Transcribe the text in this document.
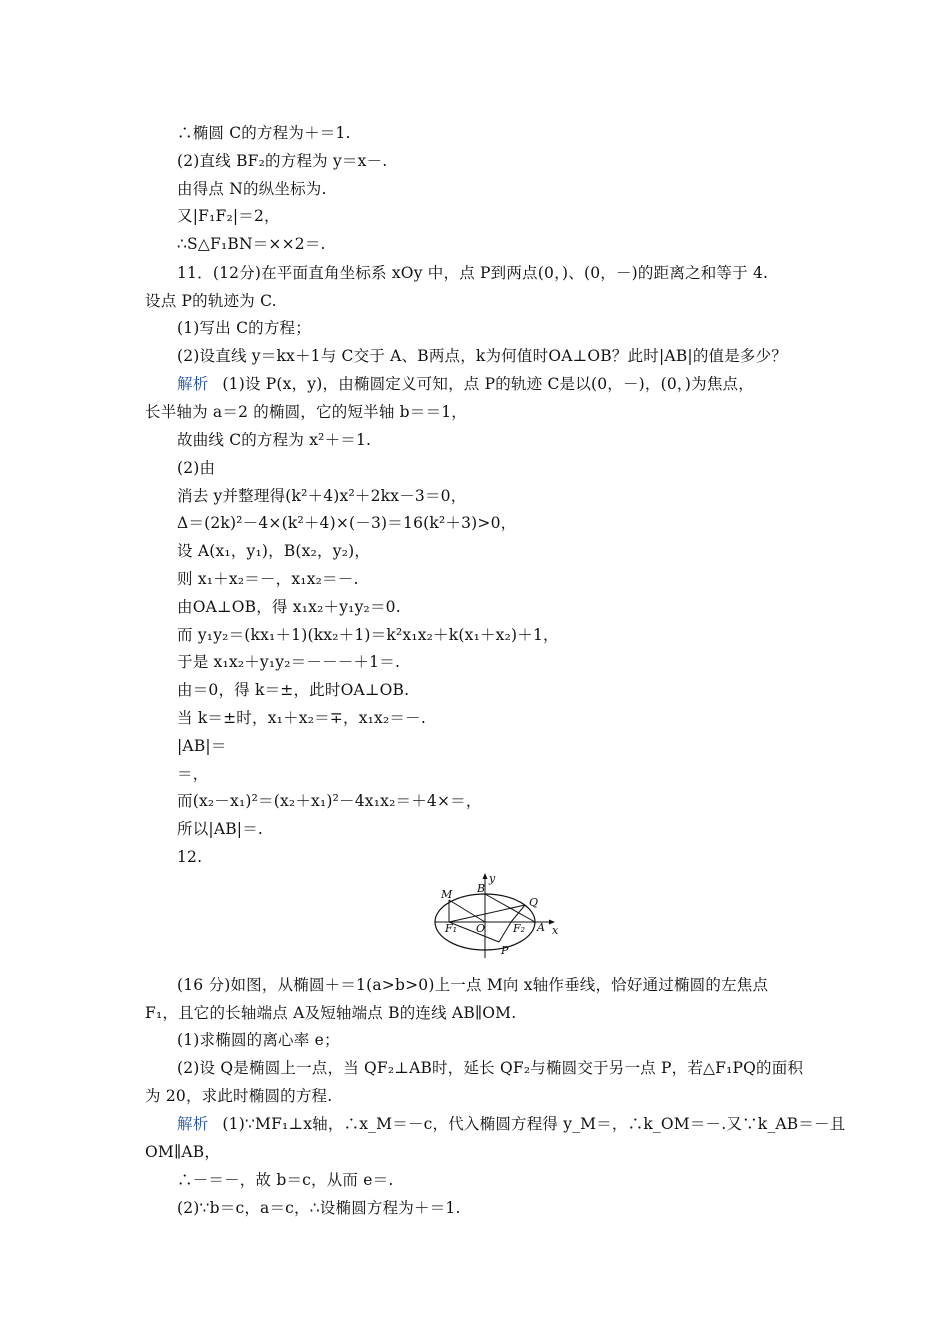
∴椭圆 C的方程为＋＝1.
(2)直线 BF₂的方程为 y＝x－.
由得点 N的纵坐标为.
又|F₁F₂|＝2，
∴S△F₁BN＝××2＝.
11．(12分)在平面直角坐标系 xOy 中，点 P到两点(0，)、(0，－)的距离之和等于 4.
设点 P的轨迹为 C.
(1)写出 C的方程；
(2)设直线 y＝kx＋1与 C交于 A、B两点，k为何值时OA⊥OB？此时|AB|的值是多少？
解析 (1)设 P(x，y)，由椭圆定义可知，点 P的轨迹 C是以(0，－)，(0，)为焦点，
长半轴为 a＝2 的椭圆，它的短半轴 b＝＝1，
故曲线 C的方程为 x²＋＝1.
(2)由
消去 y并整理得(k²＋4)x²＋2kx－3＝0，
Δ＝(2k)²－4×(k²＋4)×(－3)＝16(k²＋3)>0，
设 A(x₁，y₁)，B(x₂，y₂)，
则 x₁＋x₂＝－，x₁x₂＝－.
由OA⊥OB，得 x₁x₂＋y₁y₂＝0.
而 y₁y₂＝(kx₁＋1)(kx₂＋1)＝k²x₁x₂＋k(x₁＋x₂)＋1，
于是 x₁x₂＋y₁y₂＝－－－＋1＝.
由＝0，得 k＝±，此时OA⊥OB.
当 k＝±时，x₁＋x₂＝∓，x₁x₂＝－.
|AB|＝
＝，
而(x₂－x₁)²＝(x₂＋x₁)²－4x₁x₂＝＋4×＝，
所以|AB|＝.
12.
y
x
M B
Q
F₁ O	F₂ A
P
(16 分)如图，从椭圆＋＝1(a>b>0)上一点 M向 x轴作垂线，恰好通过椭圆的左焦点
F₁，且它的长轴端点 A及短轴端点 B的连线 AB∥OM.
(1)求椭圆的离心率 e；
(2)设 Q是椭圆上一点，当 QF₂⊥AB时，延长 QF₂与椭圆交于另一点 P，若△F₁PQ的面积
为 20，求此时椭圆的方程.
解析 (1)∵MF₁⊥x轴，∴x_M＝－c，代入椭圆方程得 y_M＝，∴k_OM＝－.又∵k_AB＝－且
OM∥AB，
∴－＝－，故 b＝c，从而 e＝.
(2)∵b＝c，a＝c，∴设椭圆方程为＋＝1.
